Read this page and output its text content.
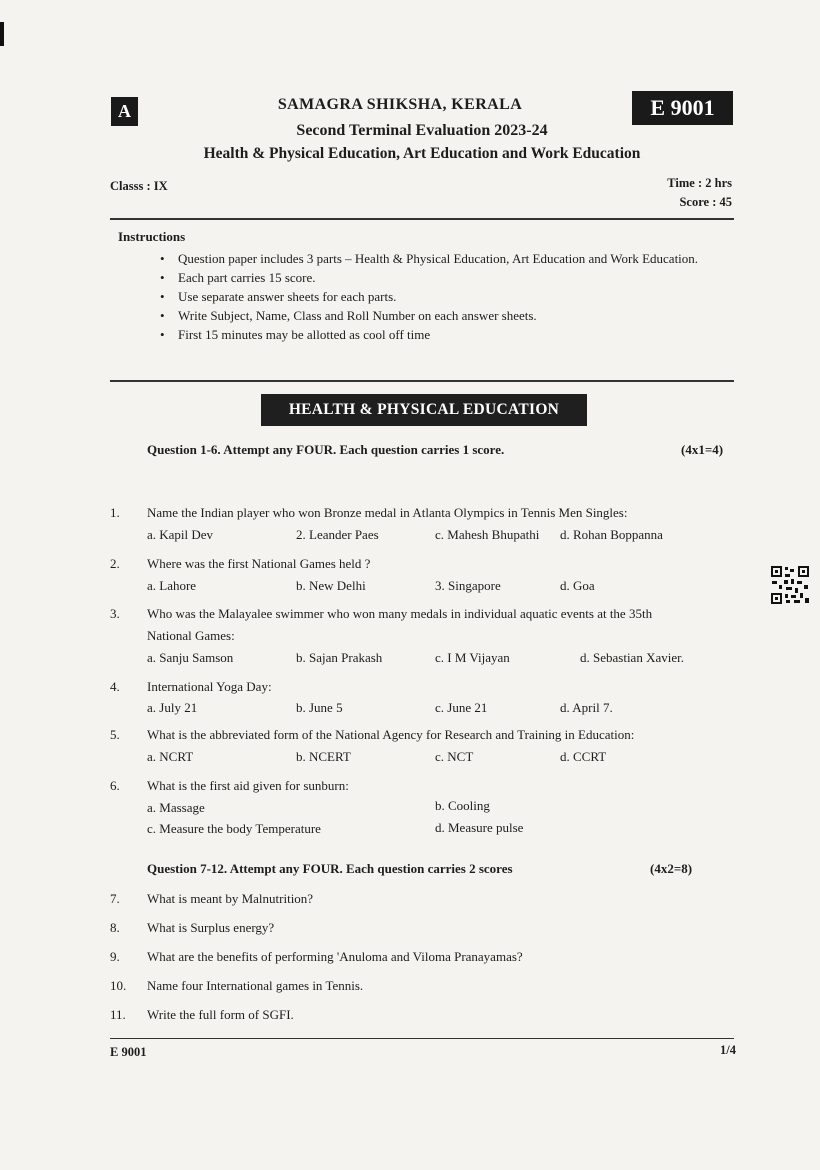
A	E 9001
SAMAGRA SHIKSHA, KERALA
Second Terminal Evaluation 2023-24
Health & Physical Education, Art Education and Work Education
Classs : IX	Time : 2 hrs
Score : 45
Instructions
• Question paper includes 3 parts – Health & Physical Education, Art Education and Work Education.
• Each part carries 15 score.
• Use separate answer sheets for each parts.
• Write Subject, Name, Class and Roll Number on each answer sheets.
• First 15 minutes may be allotted as cool off time
HEALTH & PHYSICAL EDUCATION
Question 1-6. Attempt any FOUR. Each question carries 1 score.	(4x1=4)
1. Name the Indian player who won Bronze medal in Atlanta Olympics in Tennis Men Singles:
a. Kapil Dev	2. Leander Paes	c. Mahesh Bhupathi d. Rohan Boppanna
2. Where was the first National Games held ?
a. Lahore	b. New Delhi	3. Singapore	d. Goa
3. Who was the Malayalee swimmer who won many medals in individual aquatic events at the 35th
National Games:
a. Sanju Samson	b. Sajan Prakash	c. I M Vijayan	d. Sebastian Xavier.
4. International Yoga Day:
a. July 21	b. June 5	c. June 21	d. April 7.
5. What is the abbreviated form of the National Agency for Research and Training in Education:
a. NCRT	b. NCERT	c. NCT	d. CCRT
6. What is the first aid given for sunburn:
a. Massage	b. Cooling
c. Measure the body Temperature	d. Measure pulse
Question 7-12. Attempt any FOUR. Each question carries 2 scores	(4x2=8)
7. What is meant by Malnutrition?
8. What is Surplus energy?
9. What are the benefits of performing 'Anuloma and Viloma Pranayamas?
10. Name four International games in Tennis.
11. Write the full form of SGFI.
E 9001	1/4
